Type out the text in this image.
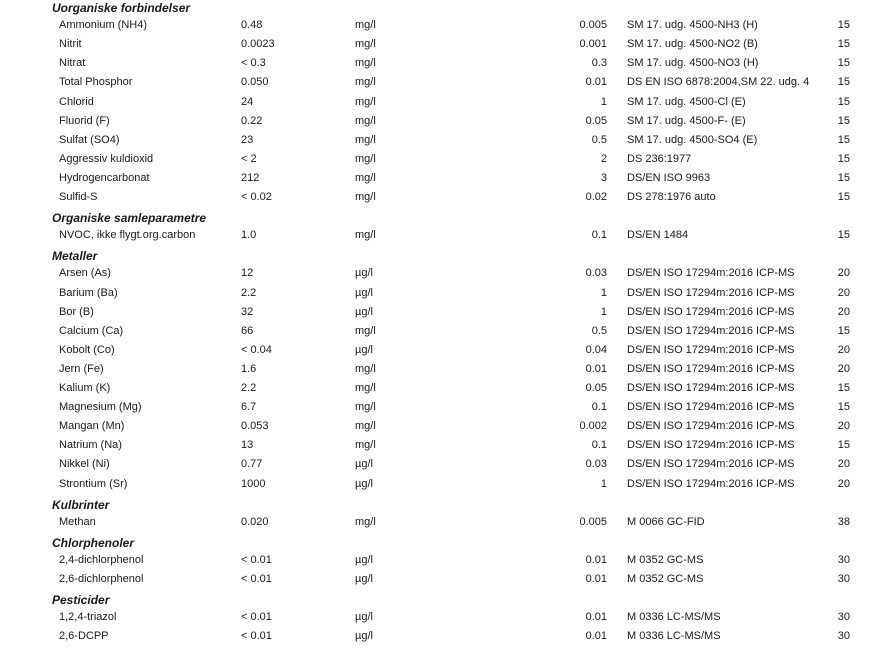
Uorganiske forbindelser
Ammonium (NH4)	0.48	mg/l	0.005 SM 17. udg. 4500-NH3 (H)	15
Nitrit	0.0023	mg/l	0.001 SM 17. udg. 4500-NO2 (B)	15
Nitrat	< 0.3	mg/l	0.3 SM 17. udg. 4500-NO3 (H)	15
Total Phosphor	0.050	mg/l	0.01 DS EN ISO 6878:2004,SM 22. udg. 4	15
Chlorid	24	mg/l	1 SM 17. udg. 4500-Cl (E)	15
Fluorid (F)	0.22	mg/l	0.05 SM 17. udg. 4500-F- (E)	15
Sulfat (SO4)	23	mg/l	0.5 SM 17. udg. 4500-SO4 (E)	15
Aggressiv kuldioxid	< 2	mg/l	2 DS 236:1977	15
Hydrogencarbonat	212	mg/l	3 DS/EN ISO 9963	15
Sulfid-S	< 0.02	mg/l	0.02 DS 278:1976 auto	15
Organiske samleparametre
NVOC, ikke flygt.org.carbon	1.0	mg/l	0.1 DS/EN 1484	15
Metaller
Arsen (As)	12	µg/l	0.03 DS/EN ISO 17294m:2016 ICP-MS	20
Barium (Ba)	2.2	µg/l	1 DS/EN ISO 17294m:2016 ICP-MS	20
Bor (B)	32	µg/l	1 DS/EN ISO 17294m:2016 ICP-MS	20
Calcium (Ca)	66	mg/l	0.5 DS/EN ISO 17294m:2016 ICP-MS	15
Kobolt (Co)	< 0.04	µg/l	0.04 DS/EN ISO 17294m:2016 ICP-MS	20
Jern (Fe)	1.6	mg/l	0.01 DS/EN ISO 17294m:2016 ICP-MS	20
Kalium (K)	2.2	mg/l	0.05 DS/EN ISO 17294m:2016 ICP-MS	15
Magnesium (Mg)	6.7	mg/l	0.1 DS/EN ISO 17294m:2016 ICP-MS	15
Mangan (Mn)	0.053	mg/l	0.002 DS/EN ISO 17294m:2016 ICP-MS	20
Natrium (Na)	13	mg/l	0.1 DS/EN ISO 17294m:2016 ICP-MS	15
Nikkel (Ni)	0.77	µg/l	0.03 DS/EN ISO 17294m:2016 ICP-MS	20
Strontium (Sr)	1000	µg/l	1 DS/EN ISO 17294m:2016 ICP-MS	20
Kulbrinter
Methan	0.020	mg/l	0.005 M 0066 GC-FID	38
Chlorphenoler
2,4-dichlorphenol	< 0.01	µg/l	0.01 M 0352 GC-MS	30
2,6-dichlorphenol	< 0.01	µg/l	0.01 M 0352 GC-MS	30
Pesticider
1,2,4-triazol	< 0.01	µg/l	0.01 M 0336 LC-MS/MS	30
2,6-DCPP	< 0.01	µg/l	0.01 M 0336 LC-MS/MS	30
